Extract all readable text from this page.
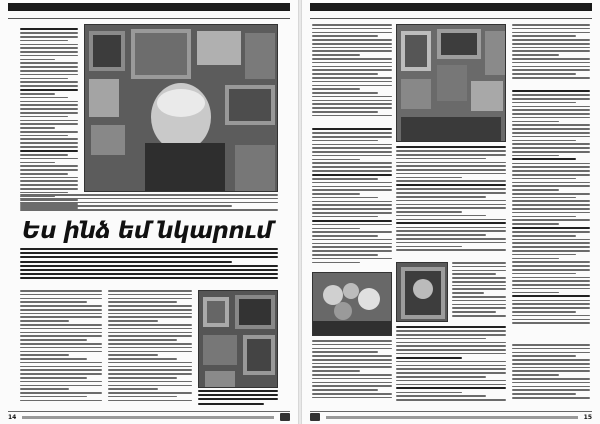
Ես ինձ եմ նկարում
14	15
